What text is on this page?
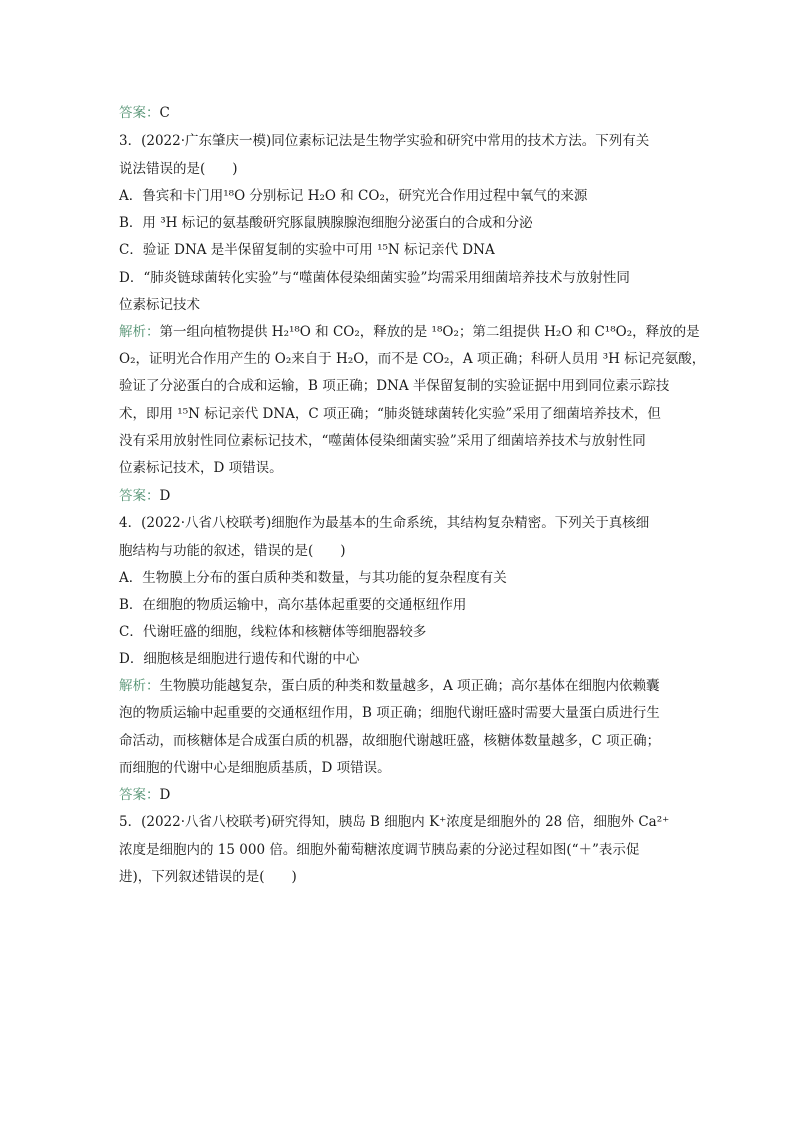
答案：C
3．(2022·广东肇庆一模)同位素标记法是生物学实验和研究中常用的技术方法。下列有关
说法错误的是(　　)
A．鲁宾和卡门用¹⁸O 分别标记 H₂O 和 CO₂，研究光合作用过程中氧气的来源
B．用 ³H 标记的氨基酸研究豚鼠胰腺腺泡细胞分泌蛋白的合成和分泌
C．验证 DNA 是半保留复制的实验中可用 ¹⁵N 标记亲代 DNA
D．“肺炎链球菌转化实验”与“噬菌体侵染细菌实验”均需采用细菌培养技术与放射性同
位素标记技术
解析：第一组向植物提供 H₂¹⁸O 和 CO₂，释放的是 ¹⁸O₂；第二组提供 H₂O 和 C¹⁸O₂，释放的是
O₂，证明光合作用产生的 O₂来自于 H₂O，而不是 CO₂，A 项正确；科研人员用 ³H 标记亮氨酸，
验证了分泌蛋白的合成和运输，B 项正确；DNA 半保留复制的实验证据中用到同位素示踪技
术，即用 ¹⁵N 标记亲代 DNA，C 项正确；“肺炎链球菌转化实验”采用了细菌培养技术，但
没有采用放射性同位素标记技术，“噬菌体侵染细菌实验”采用了细菌培养技术与放射性同
位素标记技术，D 项错误。
答案：D
4．(2022·八省八校联考)细胞作为最基本的生命系统，其结构复杂精密。下列关于真核细
胞结构与功能的叙述，错误的是(　　)
A．生物膜上分布的蛋白质种类和数量，与其功能的复杂程度有关
B．在细胞的物质运输中，高尔基体起重要的交通枢纽作用
C．代谢旺盛的细胞，线粒体和核糖体等细胞器较多
D．细胞核是细胞进行遗传和代谢的中心
解析：生物膜功能越复杂，蛋白质的种类和数量越多，A 项正确；高尔基体在细胞内依赖囊
泡的物质运输中起重要的交通枢纽作用，B 项正确；细胞代谢旺盛时需要大量蛋白质进行生
命活动，而核糖体是合成蛋白质的机器，故细胞代谢越旺盛，核糖体数量越多，C 项正确；
而细胞的代谢中心是细胞质基质，D 项错误。
答案：D
5．(2022·八省八校联考)研究得知，胰岛 B 细胞内 K⁺浓度是细胞外的 28 倍，细胞外 Ca²⁺
浓度是细胞内的 15 000 倍。细胞外葡萄糖浓度调节胰岛素的分泌过程如图(“＋”表示促
进)，下列叙述错误的是(　　)
